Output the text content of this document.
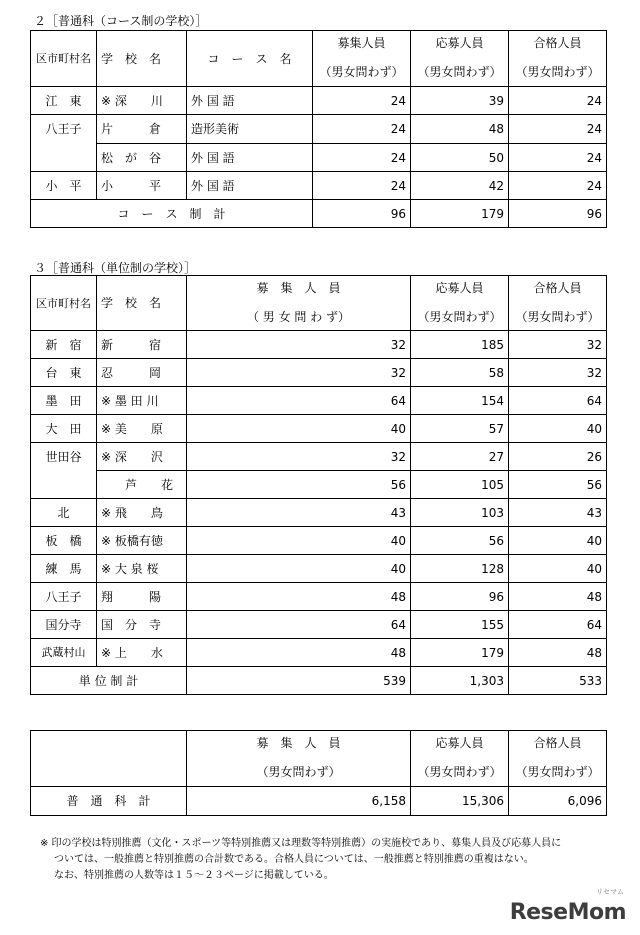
２［普通科（コース制の学校）］
区市町村名	学　校　名	コ　ー　ス　名	募集人員	応募人員	合格人員
			（男女問わず）	（男女問わず）	（男女問わず）
江　東	※ 深　　川	外 国 語	24	39	24
八王子	片　　　倉	造形美術	24	48	24
	松　が　谷	外 国 語	24	50	24
小　平	小　　　平	外 国 語	24	42	24
コ　ー　ス　制　計			96	179	96
３［普通科（単位制の学校）］
区市町村名	学　校　名	募　集　人　員	応募人員	合格人員
		（ 男 女 問 わ ず）	（男女問わず）	（男女問わず）
新　宿	新　　　宿	32	185	32
台　東	忍　　　岡	32	58	32
墨　田	※ 墨 田 川	64	154	64
大　田	※ 美　　原	40	57	40
世田谷	※ 深　　沢	32	27	26
	芦　　花	56	105	56
北	※ 飛　　鳥	43	103	43
板　橋	※ 板橋有徳	40	56	40
練　馬	※ 大 泉 桜	40	128	40
八王子	翔　　　陽	48	96	48
国分寺	国　分　寺	64	155	64
武蔵村山	※ 上　　水	48	179	48
単 位 制 計		539	1,303	533
	募　集　人　員	応募人員	合格人員
	（男女問わず）	（男女問わず）	（男女問わず）
普　通　科　計	6,158	15,306	6,096
※ 印の学校は特別推薦（文化・スポーツ等特別推薦又は理数等特別推薦）の実施校であり、募集人員及び応募人員に
ついては、一般推薦と特別推薦の合計数である。合格人員については、一般推薦と特別推薦の重複はない。
なお、特別推薦の人数等は１５～２３ページに掲載している。
リセマム
ReseMom
